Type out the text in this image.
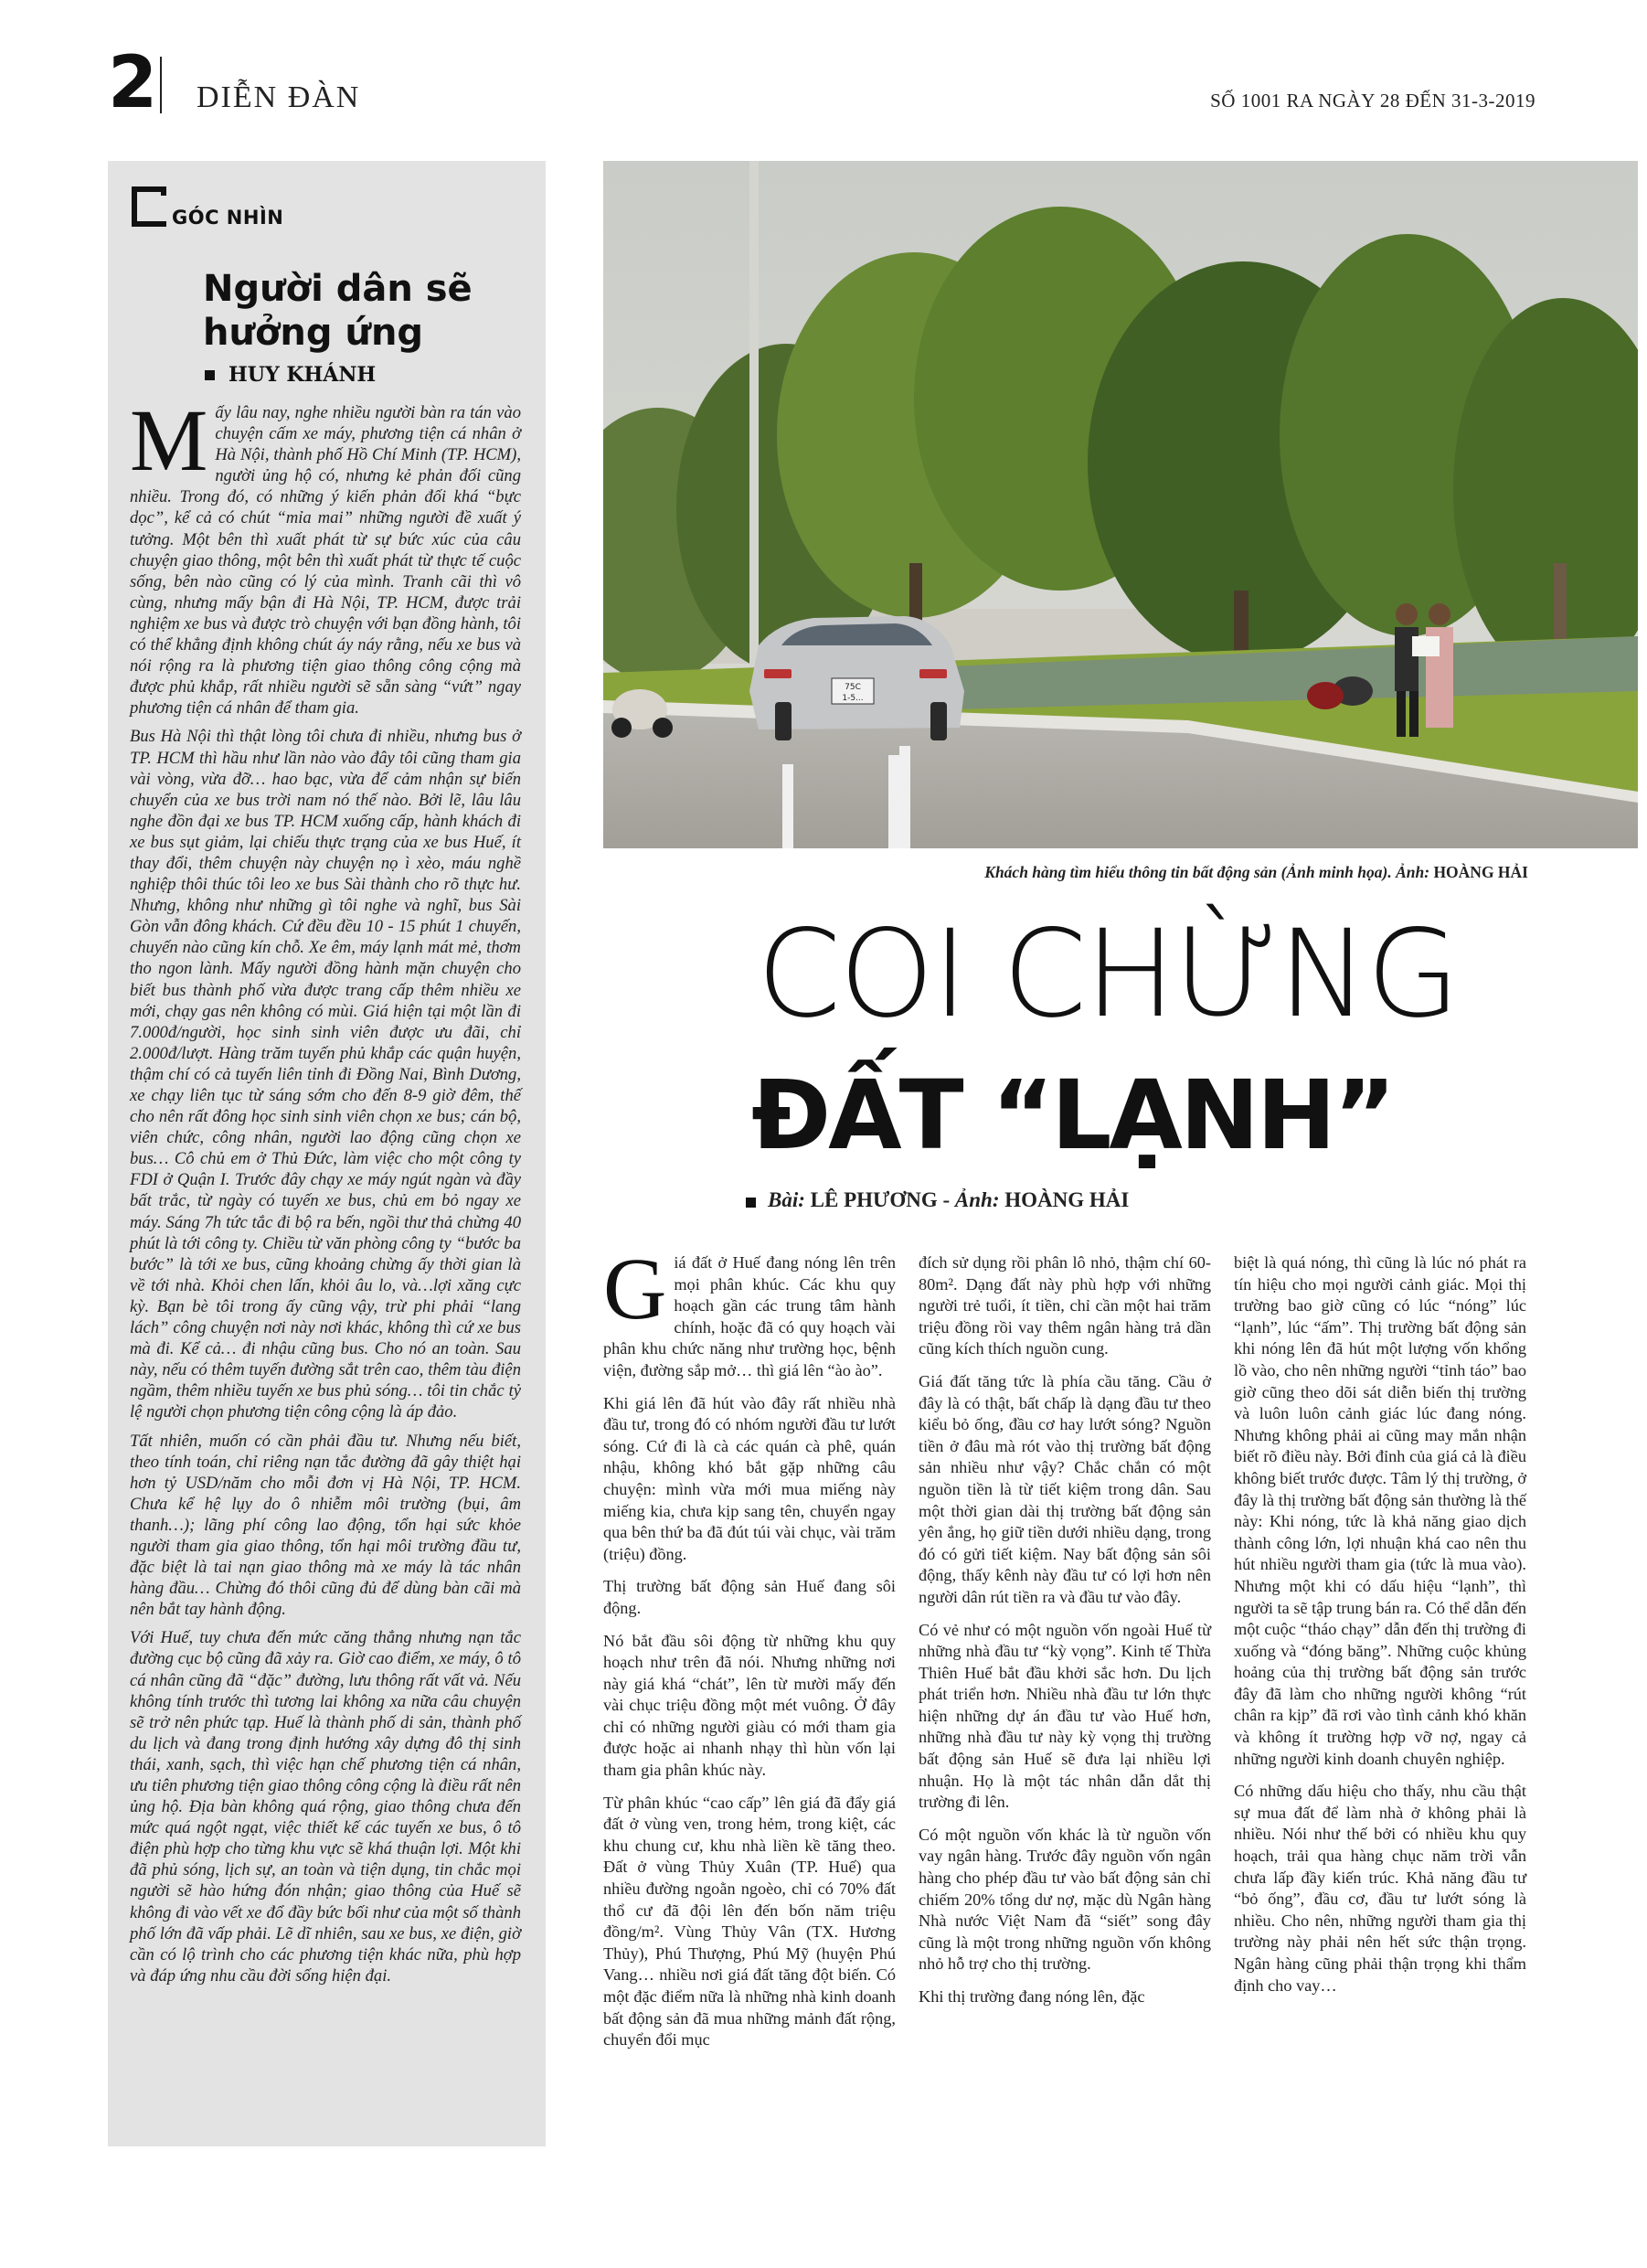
2 DIỄN ĐÀN	SỐ 1001 RA NGÀY 28 ĐẾN 31-3-2019
GÓC NHÌN
Người dân sẽ hưởng ứng
HUY KHÁNH

Mấy lâu nay, nghe nhiều người bàn ra tán vào chuyện cấm xe máy, phương tiện cá nhân ở Hà Nội, thành phố Hồ Chí Minh (TP. HCM), người ủng hộ có, nhưng kẻ phản đối cũng nhiều. Trong đó, có những ý kiến phản đối khá “bực dọc”, kể cả có chút “mỉa mai” những người đề xuất ý tưởng. Một bên thì xuất phát từ sự bức xúc của câu chuyện giao thông, một bên thì xuất phát từ thực tế cuộc sống, bên nào cũng có lý của mình. Tranh cãi thì vô cùng, nhưng mấy bận đi Hà Nội, TP. HCM, được trải nghiệm xe bus và được trò chuyện với bạn đồng hành, tôi có thể khẳng định không chút áy náy rằng, nếu xe bus và nói rộng ra là phương tiện giao thông công cộng mà được phủ khắp, rất nhiều người sẽ sẵn sàng “vứt” ngay phương tiện cá nhân để tham gia.

Bus Hà Nội thì thật lòng tôi chưa đi nhiều, nhưng bus ở TP. HCM thì hầu như lần nào vào đây tôi cũng tham gia vài vòng, vừa đỡ… hao bạc, vừa để cảm nhận sự biến chuyển của xe bus trời nam nó thế nào. Bởi lẽ, lâu lâu nghe đồn đại xe bus TP. HCM xuống cấp, hành khách đi xe bus sụt giảm, lại chiếu thực trạng của xe bus Huế, ít thay đổi, thêm chuyện này chuyện nọ ì xèo, máu nghề nghiệp thôi thúc tôi leo xe bus Sài thành cho rõ thực hư. Nhưng, không như những gì tôi nghe và nghĩ, bus Sài Gòn vẫn đông khách. Cứ đều đều 10 - 15 phút 1 chuyến, chuyến nào cũng kín chỗ. Xe êm, máy lạnh mát mẻ, thơm tho ngon lành. Mấy người đồng hành mặn chuyện cho biết bus thành phố vừa được trang cấp thêm nhiều xe mới, chạy gas nên không có mùi. Giá hiện tại một lần đi 7.000đ/người, học sinh sinh viên được ưu đãi, chỉ 2.000đ/lượt. Hàng trăm tuyến phủ khắp các quận huyện, thậm chí có cả tuyến liên tỉnh đi Đồng Nai, Bình Dương, xe chạy liên tục từ sáng sớm cho đến 8-9 giờ đêm, thế cho nên rất đông học sinh sinh viên chọn xe bus; cán bộ, viên chức, công nhân, người lao động cũng chọn xe bus… Cô chủ em ở Thủ Đức, làm việc cho một công ty FDI ở Quận I. Trước đây chạy xe máy ngút ngàn và đầy bất trắc, từ ngày có tuyến xe bus, chủ em bỏ ngay xe máy. Sáng 7h tức tắc đi bộ ra bến, ngồi thư thả chừng 40 phút là tới công ty. Chiều từ văn phòng công ty “bước ba bước” là tới xe bus, cũng khoảng chừng ấy thời gian là về tới nhà. Khỏi chen lấn, khỏi âu lo, và…lợi xăng cực kỳ. Bạn bè tôi trong ấy cũng vậy, trừ phi phải “lang lách” công chuyện nơi này nơi khác, không thì cứ xe bus mà đi. Kể cả… đi nhậu cũng bus. Cho nó an toàn. Sau này, nếu có thêm tuyến đường sắt trên cao, thêm tàu điện ngầm, thêm nhiều tuyến xe bus phủ sóng… tôi tin chắc tỷ lệ người chọn phương tiện công cộng là áp đảo.

Tất nhiên, muốn có cần phải đầu tư. Nhưng nếu biết, theo tính toán, chỉ riêng nạn tắc đường đã gây thiệt hại hơn tỷ USD/năm cho mỗi đơn vị Hà Nội, TP. HCM. Chưa kể hệ lụy do ô nhiễm môi trường (bụi, âm thanh…); lãng phí công lao động, tổn hại sức khỏe người tham gia giao thông, tổn hại môi trường đầu tư, đặc biệt là tai nạn giao thông mà xe máy là tác nhân hàng đầu… Chừng đó thôi cũng đủ để dùng bàn cãi mà nên bắt tay hành động.

Với Huế, tuy chưa đến mức căng thẳng nhưng nạn tắc đường cục bộ cũng đã xảy ra. Giờ cao điểm, xe máy, ô tô cá nhân cũng đã “đặc” đường, lưu thông rất vất vả. Nếu không tính trước thì tương lai không xa nữa câu chuyện sẽ trở nên phức tạp. Huế là thành phố di sản, thành phố du lịch và đang trong định hướng xây dựng đô thị sinh thái, xanh, sạch, thì việc hạn chế phương tiện cá nhân, ưu tiên phương tiện giao thông công cộng là điều rất nên ủng hộ. Địa bàn không quá rộng, giao thông chưa đến mức quá ngột ngạt, việc thiết kế các tuyến xe bus, ô tô điện phù hợp cho từng khu vực sẽ khá thuận lợi. Một khi đã phủ sóng, lịch sự, an toàn và tiện dụng, tin chắc mọi người sẽ hào hứng đón nhận; giao thông của Huế sẽ không đi vào vết xe đổ đầy bức bối như của một số thành phố lớn đã vấp phải. Lẽ dĩ nhiên, sau xe bus, xe điện, giờ cần có lộ trình cho các phương tiện khác nữa, phù hợp và đáp ứng nhu cầu đời sống hiện đại.

75C
1-5...
Khách hàng tìm hiểu thông tin bất động sản (Ảnh minh họa). Ảnh: HOÀNG HẢI
COI CHỪNG
ĐẤT “LẠNH”
Bài: LÊ PHƯƠNG - Ảnh: HOÀNG HẢI

Giá đất ở Huế đang nóng lên trên mọi phân khúc. Các khu quy hoạch gần các trung tâm hành chính, hoặc đã có quy hoạch vài phân khu chức năng như trường học, bệnh viện, đường sắp mở… thì giá lên “ào ào”.

Khi giá lên đã hút vào đây rất nhiều nhà đầu tư, trong đó có nhóm người đầu tư lướt sóng. Cứ đi là cà các quán cà phê, quán nhậu, không khó bắt gặp những câu chuyện: mình vừa mới mua miếng này miếng kia, chưa kịp sang tên, chuyển ngay qua bên thứ ba đã đút túi vài chục, vài trăm (triệu) đồng.

Thị trường bất động sản Huế đang sôi động.

Nó bắt đầu sôi động từ những khu quy hoạch như trên đã nói. Nhưng những nơi này giá khá “chát”, lên từ mười mấy đến vài chục triệu đồng một mét vuông. Ở đây chỉ có những người giàu có mới tham gia được hoặc ai nhanh nhạy thì hùn vốn lại tham gia phân khúc này.

Từ phân khúc “cao cấp” lên giá đã đẩy giá đất ở vùng ven, trong hẻm, trong kiệt, các khu chung cư, khu nhà liền kề tăng theo. Đất ở vùng Thủy Xuân (TP. Huế) qua nhiều đường ngoằn ngoèo, chỉ có 70% đất thổ cư đã đội lên đến bốn năm triệu đồng/m². Vùng Thủy Vân (TX. Hương Thủy), Phú Thượng, Phú Mỹ (huyện Phú Vang… nhiều nơi giá đất tăng đột biến. Có một đặc điểm nữa là những nhà kinh doanh bất động sản đã mua những mảnh đất rộng, chuyển đổi mục

đích sử dụng rồi phân lô nhỏ, thậm chí 60-80m². Dạng đất này phù hợp với những người trẻ tuổi, ít tiền, chỉ cần một hai trăm triệu đồng rồi vay thêm ngân hàng trả dần cũng kích thích nguồn cung.

Giá đất tăng tức là phía cầu tăng. Cầu ở đây là có thật, bất chấp là dạng đầu tư theo kiểu bỏ ống, đầu cơ hay lướt sóng? Nguồn tiền ở đâu mà rót vào thị trường bất động sản nhiều như vậy? Chắc chắn có một nguồn tiền là từ tiết kiệm trong dân. Sau một thời gian dài thị trường bất động sản yên ắng, họ giữ tiền dưới nhiều dạng, trong đó có gửi tiết kiệm. Nay bất động sản sôi động, thấy kênh này đầu tư có lợi hơn nên người dân rút tiền ra và đầu tư vào đây.

Có vẻ như có một nguồn vốn ngoài Huế từ những nhà đầu tư “kỳ vọng”. Kinh tế Thừa Thiên Huế bắt đầu khởi sắc hơn. Du lịch phát triển hơn. Nhiều nhà đầu tư lớn thực hiện những dự án đầu tư vào Huế hơn, những nhà đầu tư này kỳ vọng thị trường bất động sản Huế sẽ đưa lại nhiều lợi nhuận. Họ là một tác nhân dẫn dắt thị trường đi lên.

Có một nguồn vốn khác là từ nguồn vốn vay ngân hàng. Trước đây nguồn vốn ngân hàng cho phép đầu tư vào bất động sản chỉ chiếm 20% tổng dư nợ, mặc dù Ngân hàng Nhà nước Việt Nam đã “siết” song đây cũng là một trong những nguồn vốn không nhỏ hỗ trợ cho thị trường.

Khi thị trường đang nóng lên, đặc

biệt là quá nóng, thì cũng là lúc nó phát ra tín hiệu cho mọi người cảnh giác. Mọi thị trường bao giờ cũng có lúc “nóng” lúc “lạnh”, lúc “ấm”. Thị trường bất động sản khi nóng lên đã hút một lượng vốn khổng lồ vào, cho nên những người “tỉnh táo” bao giờ cũng theo dõi sát diễn biến thị trường và luôn luôn cảnh giác lúc đang nóng. Nhưng không phải ai cũng may mắn nhận biết rõ điều này. Bởi đỉnh của giá cả là điều không biết trước được. Tâm lý thị trường, ở đây là thị trường bất động sản thường là thế này: Khi nóng, tức là khả năng giao dịch thành công lớn, lợi nhuận khá cao nên thu hút nhiều người tham gia (tức là mua vào). Nhưng một khi có dấu hiệu “lạnh”, thì người ta sẽ tập trung bán ra. Có thể dẫn đến một cuộc “tháo chạy” dẫn đến thị trường đi xuống và “đóng băng”. Những cuộc khủng hoảng của thị trường bất động sản trước đây đã làm cho những người không “rút chân ra kịp” đã rơi vào tình cảnh khó khăn và không ít trường hợp vỡ nợ, ngay cả những người kinh doanh chuyên nghiệp.

Có những dấu hiệu cho thấy, nhu cầu thật sự mua đất để làm nhà ở không phải là nhiều. Nói như thế bởi có nhiều khu quy hoạch, trải qua hàng chục năm trời vẫn chưa lấp đầy kiến trúc. Khả năng đầu tư “bỏ ống”, đầu cơ, đầu tư lướt sóng là nhiều. Cho nên, những người tham gia thị trường này phải nên hết sức thận trọng. Ngân hàng cũng phải thận trọng khi thẩm định cho vay…
